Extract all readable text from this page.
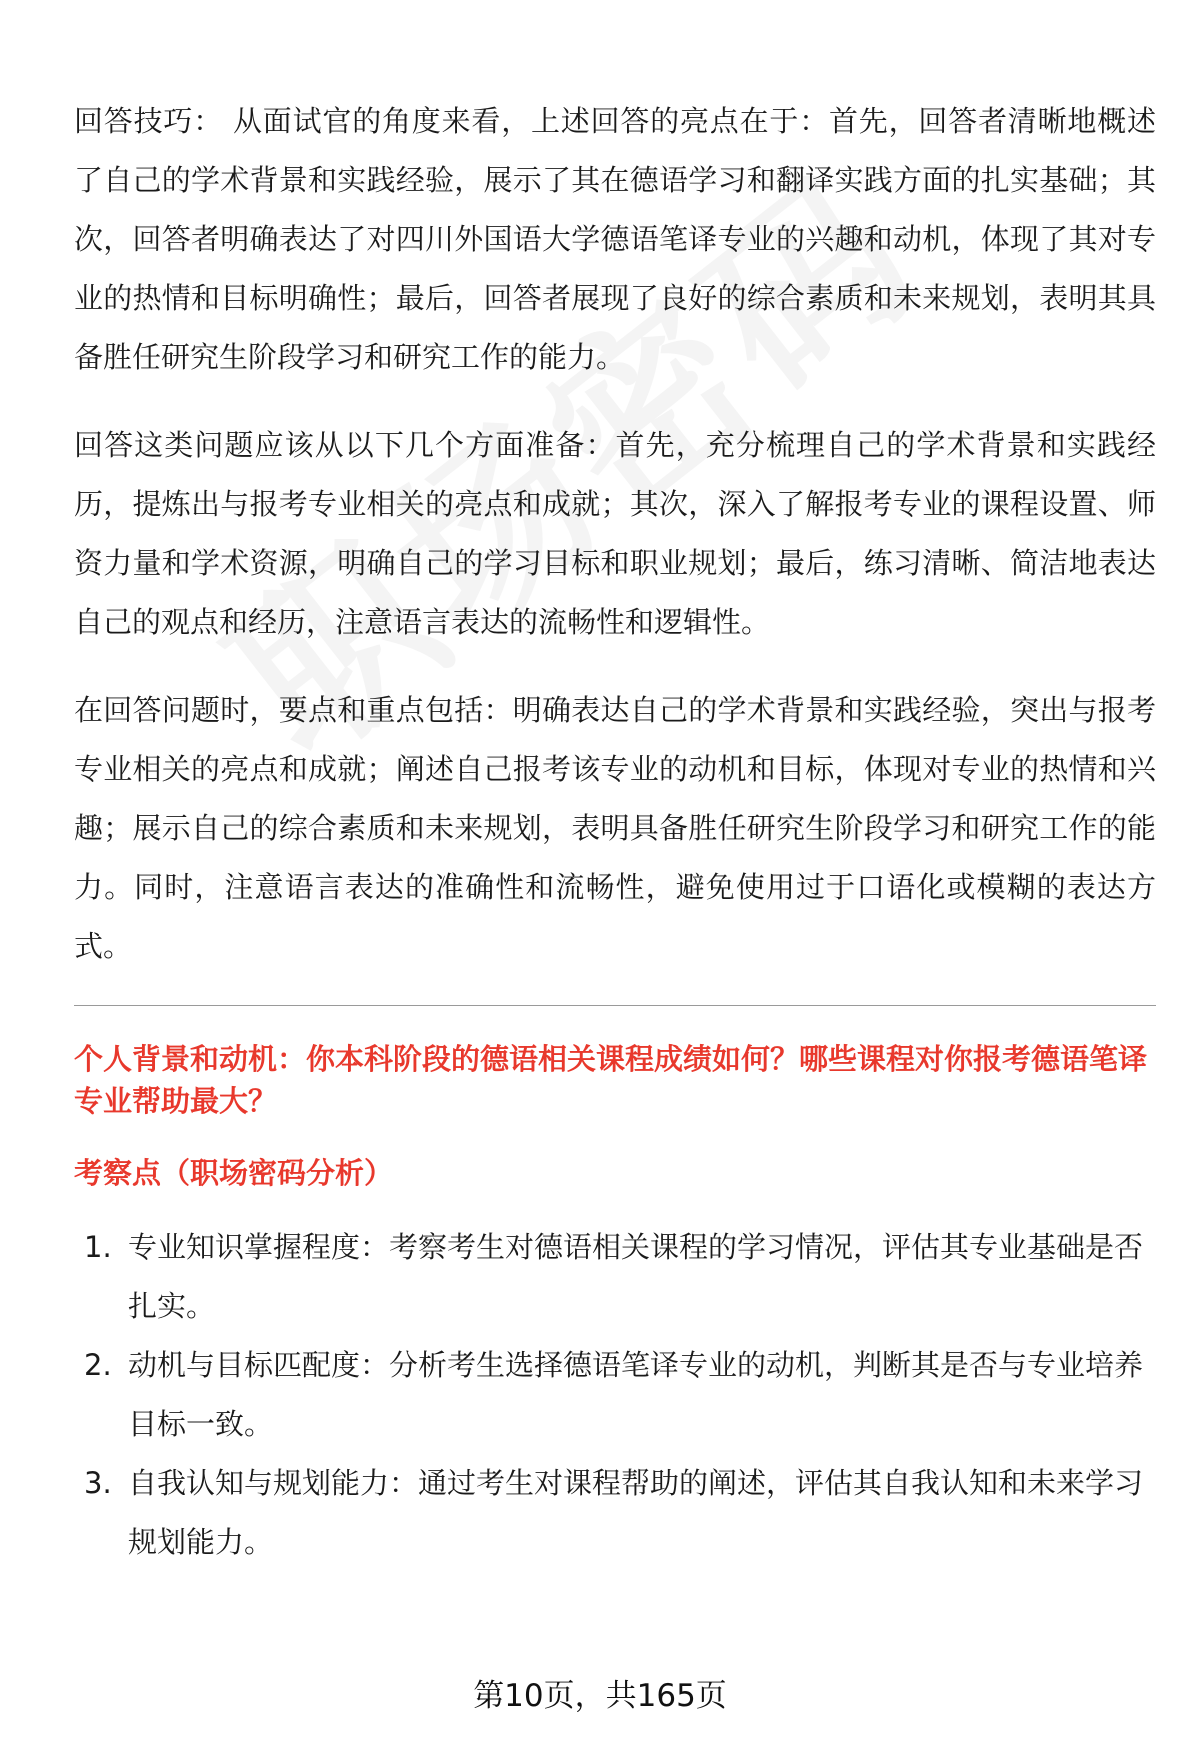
回答技巧： 从面试官的角度来看，上述回答的亮点在于：首先，回答者清晰地概述了自己的学术背景和实践经验，展示了其在德语学习和翻译实践方面的扎实基础；其次，回答者明确表达了对四川外国语大学德语笔译专业的兴趣和动机，体现了其对专业的热情和目标明确性；最后，回答者展现了良好的综合素质和未来规划，表明其具备胜任研究生阶段学习和研究工作的能力。

回答这类问题应该从以下几个方面准备：首先，充分梳理自己的学术背景和实践经历，提炼出与报考专业相关的亮点和成就；其次，深入了解报考专业的课程设置、师资力量和学术资源，明确自己的学习目标和职业规划；最后，练习清晰、简洁地表达自己的观点和经历，注意语言表达的流畅性和逻辑性。

在回答问题时，要点和重点包括：明确表达自己的学术背景和实践经验，突出与报考专业相关的亮点和成就；阐述自己报考该专业的动机和目标，体现对专业的热情和兴趣；展示自己的综合素质和未来规划，表明具备胜任研究生阶段学习和研究工作的能力。同时，注意语言表达的准确性和流畅性，避免使用过于口语化或模糊的表达方式。

个人背景和动机：你本科阶段的德语相关课程成绩如何？哪些课程对你报考德语笔译专业帮助最大？
考察点（职场密码分析）
1. 专业知识掌握程度：考察考生对德语相关课程的学习情况，评估其专业基础是否扎实。
2. 动机与目标匹配度：分析考生选择德语笔译专业的动机，判断其是否与专业培养目标一致。
3. 自我认知与规划能力：通过考生对课程帮助的阐述，评估其自我认知和未来学习规划能力。
第10页，共165页
